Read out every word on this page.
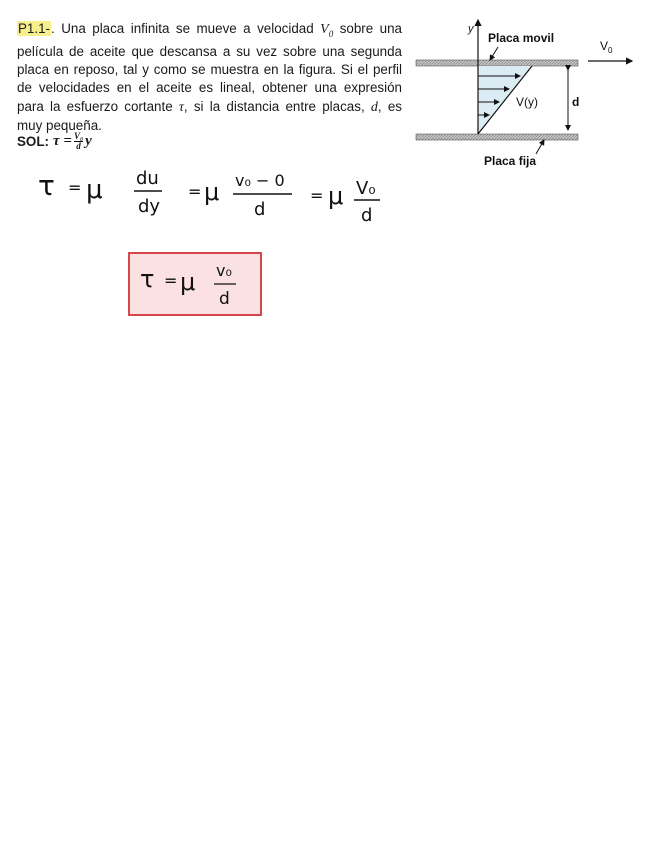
P1.1-. Una placa infinita se mueve a velocidad $V_0$ sobre una película de aceite que descansa a su vez sobre una segunda placa en reposo, tal y como se muestra en la figura. Si el perfil de velocidades en el aceite es lineal, obtener una expresión para la esfuerzo cortante τ, si la distancia entre placas, d, es muy pequeña.
SOL: $\tau = \frac{\text{V₀}}{d}$ y
y
V(y)
Placa movil
$V_0$
d
Placa fija
τ = μ du
dy
= μ v₀ − 0
d
= μ V₀
d
τ = μ v₀
d
